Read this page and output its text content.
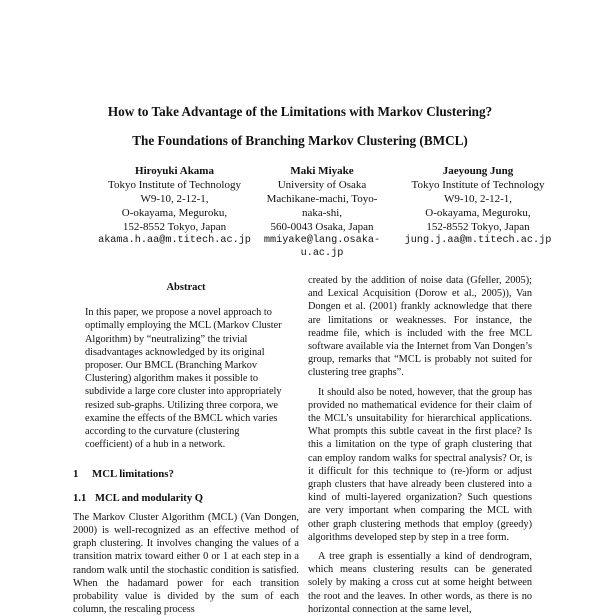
How to Take Advantage of the Limitations with Markov Clustering?
The Foundations of Branching Markov Clustering (BMCL)
Hiroyuki Akama
Tokyo Institute of Technology
W9-10, 2-12-1,
O-okayama, Meguroku,
152-8552 Tokyo, Japan
akama.h.aa@m.titech.ac.jp
Maki Miyake
University of Osaka
Machikane-machi, Toyo-
naka-shi,
560-0043 Osaka, Japan
mmiyake@lang.osaka-
u.ac.jp
Jaeyoung Jung
Tokyo Institute of Technology
W9-10, 2-12-1,
O-okayama, Meguroku,
152-8552 Tokyo, Japan
jung.j.aa@m.titech.ac.jp
Abstract
In this paper, we propose a novel approach to optimally employing the MCL (Markov Cluster Algorithm) by “neutralizing” the trivial disadvantages acknowledged by its original proposer. Our BMCL (Branching Markov Clustering) algorithm makes it possible to subdivide a large core cluster into appropriately resized sub-graphs. Utilizing three corpora, we examine the effects of the BMCL which varies according to the curvature (clustering coefficient) of a hub in a network.
1 MCL limitations?
1.1 MCL and modularity Q
The Markov Cluster Algorithm (MCL) (Van Dongen, 2000) is well-recognized as an effective method of graph clustering. It involves changing the values of a transition matrix toward either 0 or 1 at each step in a random walk until the stochastic condition is satisfied. When the hadamard power for each transition probability value is divided by the sum of each column, the rescaling process

created by the addition of noise data (Gfeller, 2005); and Lexical Acquisition (Dorow et al., 2005)), Van Dongen et al. (2001) frankly acknowledge that there are limitations or weaknesses. For instance, the readme file, which is included with the free MCL software available via the Internet from Van Dongen’s group, remarks that “MCL is probably not suited for clustering tree graphs”.

It should also be noted, however, that the group has provided no mathematical evidence for their claim of the MCL’s unsuitability for hierarchical applications. What prompts this subtle caveat in the first place? Is this a limitation on the type of graph clustering that can employ random walks for spectral analysis? Or, is it difficult for this technique to (re-)form or adjust graph clusters that have already been clustered into a kind of multi-layered organization? Such questions are very important when comparing the MCL with other graph clustering methods that employ (greedy) algorithms developed step by step in a tree form.

A tree graph is essentially a kind of dendrogram, which means clustering results can be generated solely by making a cross cut at some height between the root and the leaves. In other words, as there is no horizontal connection at the same level,
